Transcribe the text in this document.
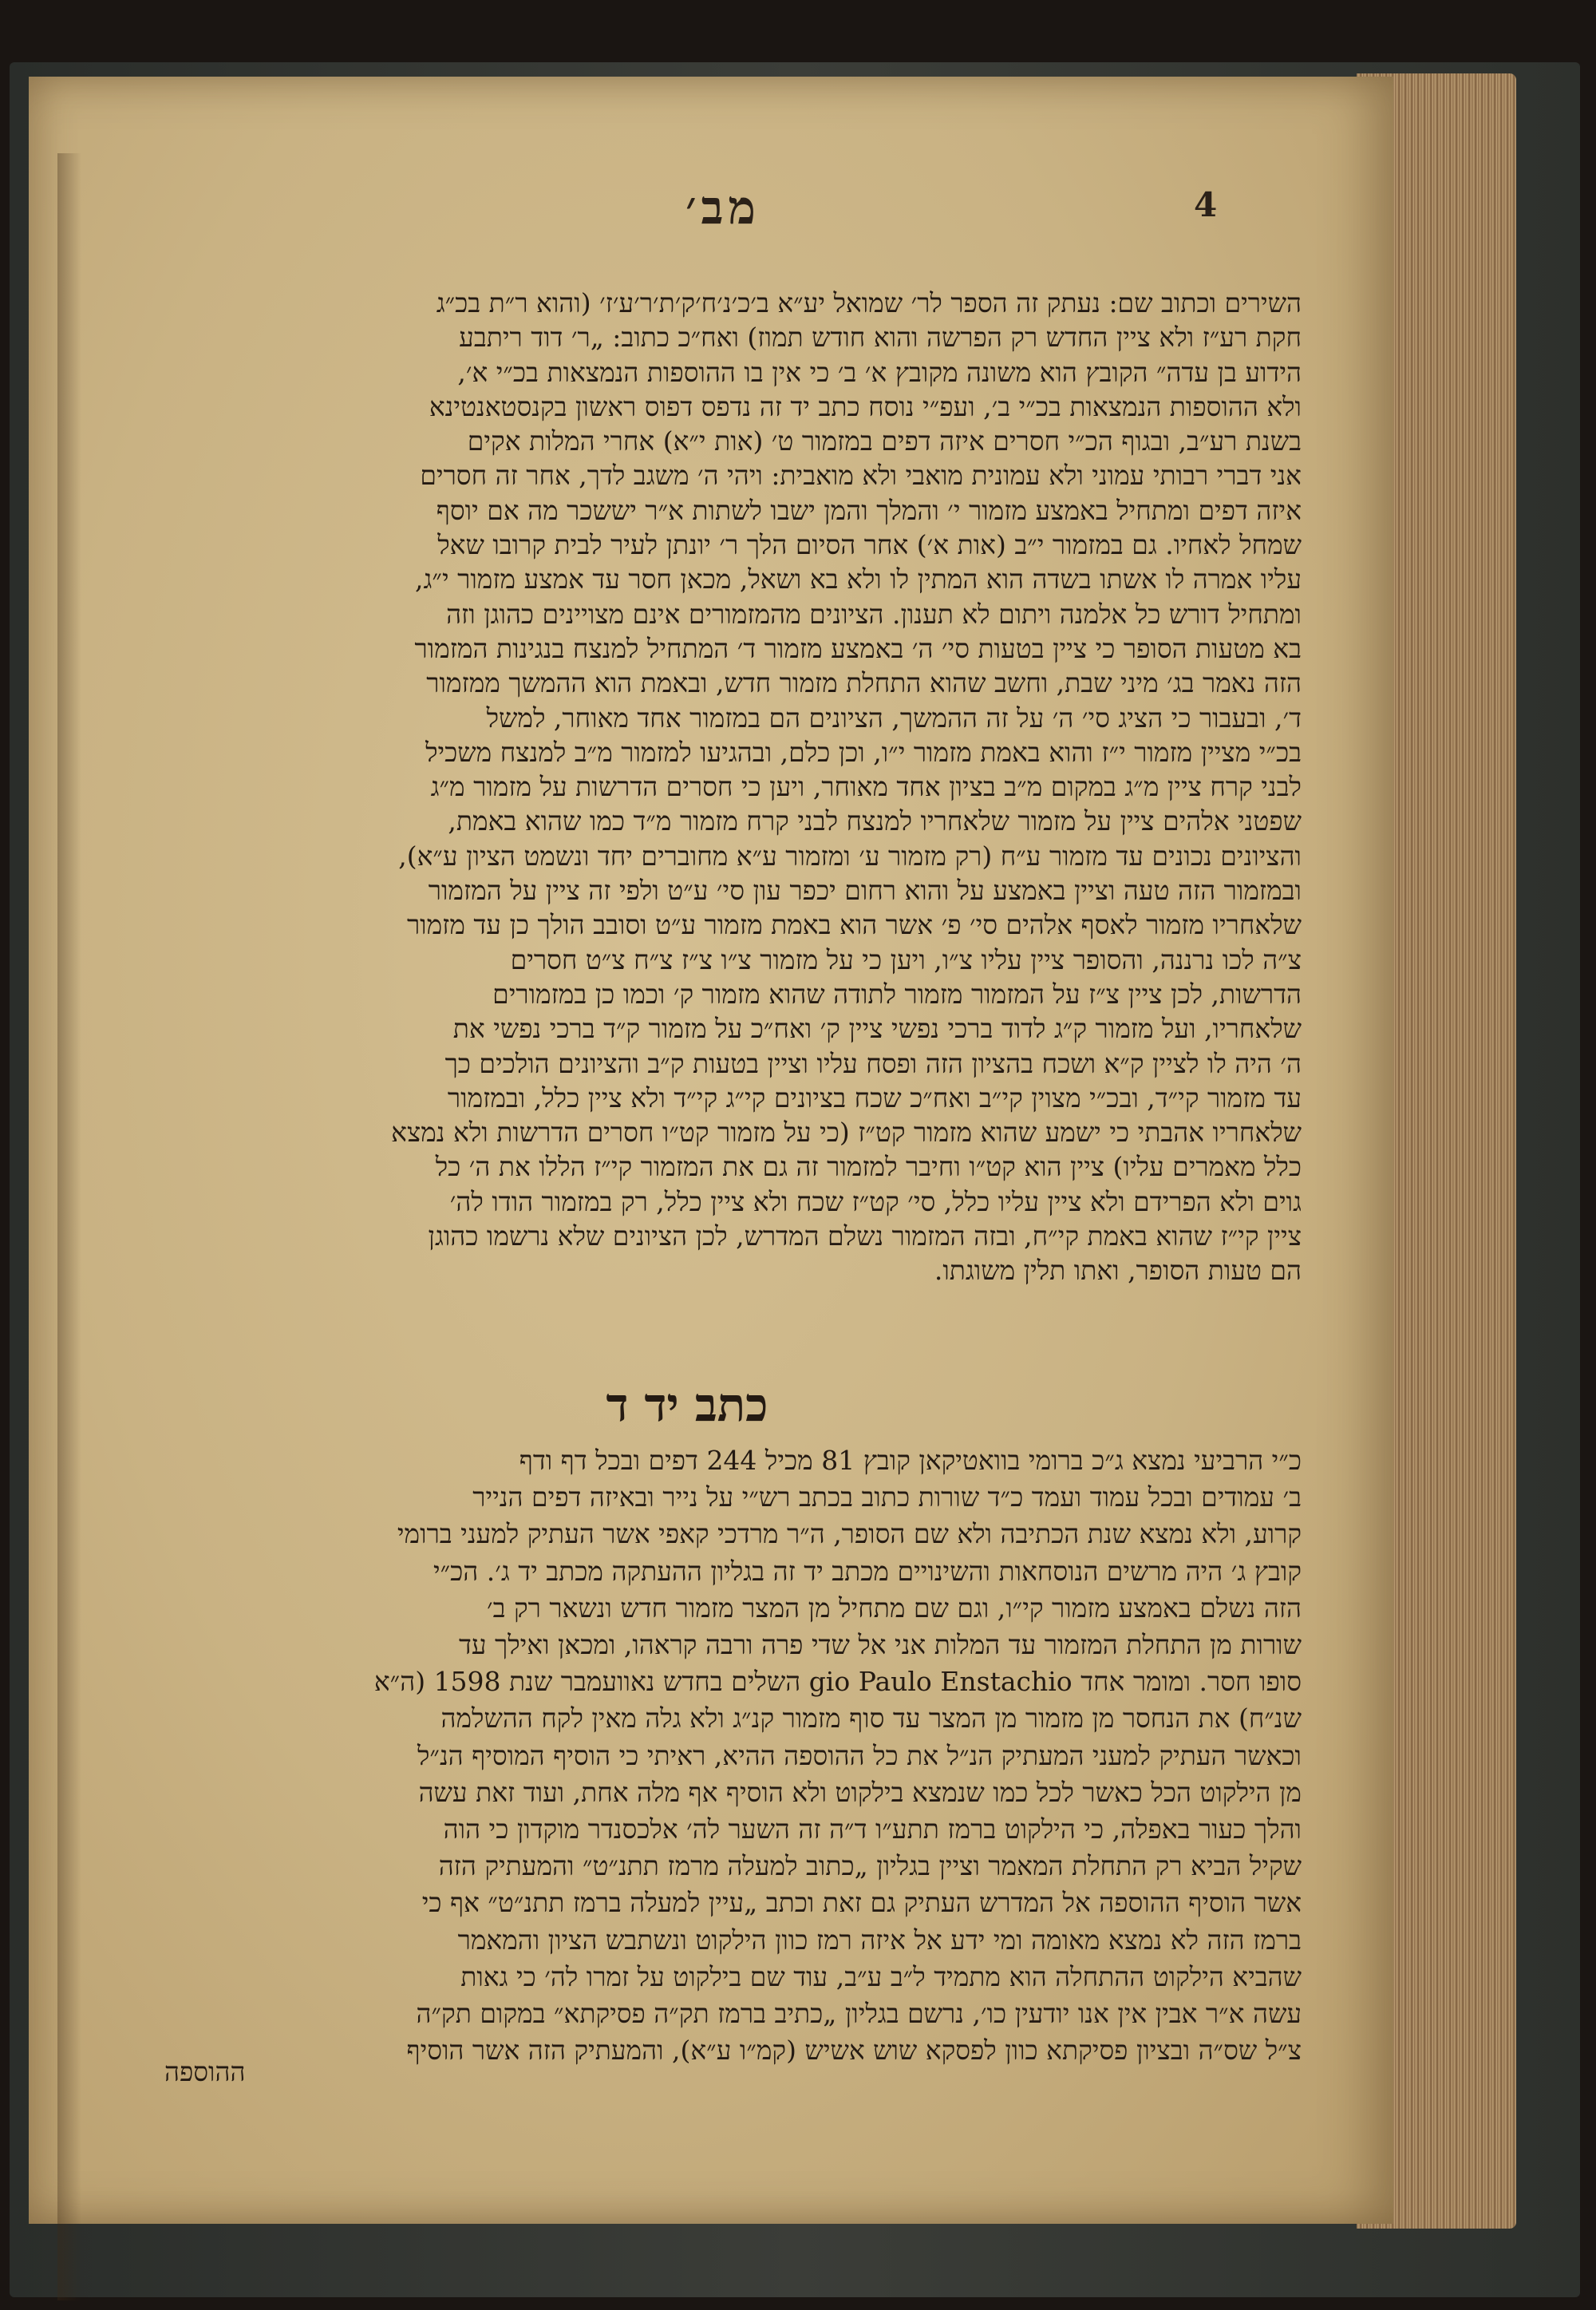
מב׳	4
השירים וכתוב שם: נעתק זה הספר לר׳ שמואל יע״א ב׳כ׳נ׳ח׳ק׳ת׳ר׳ע׳ז׳ (והוא ר״ת בכ״ג
חקת רע״ז ולא ציין החדש רק הפרשה והוא חודש תמוז) ואח״כ כתוב: „ר׳ דוד ריתבע
הידוע בן עדה״ הקובץ הוא משונה מקובץ א׳ ב׳ כי אין בו ההוספות הנמצאות בכ״י א׳,
ולא ההוספות הנמצאות בכ״י ב׳, ועפ״י נוסח כתב יד זה נדפס דפוס ראשון בקנסטאנטינא
בשנת רע״ב, ובגוף הכ״י חסרים איזה דפים במזמור ט׳ (אות י״א) אחרי המלות אקים
אני דברי רבותי עמוני ולא עמונית מואבי ולא מואבית: ויהי ה׳ משגב לדך, אחר זה חסרים
איזה דפים ומתחיל באמצע מזמור י׳ והמלך והמן ישבו לשתות א״ר יששכר מה אם יוסף
שמחל לאחיו. גם במזמור י״ב (אות א׳) אחר הסיום הלך ר׳ יונתן לעיר לבית קרובו שאל
עליו אמרה לו אשתו בשדה הוא המתין לו ולא בא ושאל, מכאן חסר עד אמצע מזמור י״ג,
ומתחיל דורש כל אלמנה ויתום לא תענון. הציונים מהמזמורים אינם מצויינים כהוגן וזה
בא מטעות הסופר כי ציין בטעות סי׳ ה׳ באמצע מזמור ד׳ המתחיל למנצח בנגינות המזמור
הזה נאמר בג׳ מיני שבת, וחשב שהוא התחלת מזמור חדש, ובאמת הוא ההמשך ממזמור
ד׳, ובעבור כי הציג סי׳ ה׳ על זה ההמשך, הציונים הם במזמור אחד מאוחר, למשל
בכ״י מציין מזמור י״ז והוא באמת מזמור י״ו, וכן כלם, ובהגיעו למזמור מ״ב למנצח משכיל
לבני קרח ציין מ״ג במקום מ״ב בציון אחד מאוחר, ויען כי חסרים הדרשות על מזמור מ״ג
שפטני אלהים ציין על מזמור שלאחריו למנצח לבני קרח מזמור מ״ד כמו שהוא באמת,
והציונים נכונים עד מזמור ע״ח (רק מזמור ע׳ ומזמור ע״א מחוברים יחד ונשמט הציון ע״א),
ובמזמור הזה טעה וציין באמצע על והוא רחום יכפר עון סי׳ ע״ט ולפי זה ציין על המזמור
שלאחריו מזמור לאסף אלהים סי׳ פ׳ אשר הוא באמת מזמור ע״ט וסובב הולך כן עד מזמור
צ״ה לכו נרננה, והסופר ציין עליו צ״ו, ויען כי על מזמור צ״ו צ״ז צ״ח צ״ט חסרים
הדרשות, לכן ציין צ״ז על המזמור מזמור לתודה שהוא מזמור ק׳ וכמו כן במזמורים
שלאחריו, ועל מזמור ק״ג לדוד ברכי נפשי ציין ק׳ ואח״כ על מזמור ק״ד ברכי נפשי את
ה׳ היה לו לציין ק״א ושכח בהציון הזה ופסח עליו וציין בטעות ק״ב והציונים הולכים כך
עד מזמור קי״ד, ובכ״י מצוין קי״ב ואח״כ שכח בציונים קי״ג קי״ד ולא ציין כלל, ובמזמור
שלאחריו אהבתי כי ישמע שהוא מזמור קט״ז (כי על מזמור קט״ו חסרים הדרשות ולא נמצא
כלל מאמרים עליו) ציין הוא קט״ו וחיבר למזמור זה גם את המזמור קי״ז הללו את ה׳ כל
גוים ולא הפרידם ולא ציין עליו כלל, סי׳ קט״ז שכח ולא ציין כלל, רק במזמור הודו לה׳
ציין קי״ז שהוא באמת קי״ח, ובזה המזמור נשלם המדרש, לכן הציונים שלא נרשמו כהוגן
הם טעות הסופר, ואתו תלין משוגתו.
כתב יד ד
כ״י הרביעי נמצא ג״כ ברומי בוואטיקאן קובץ 81 מכיל 244 דפים ובכל דף ודף
ב׳ עמודים ובכל עמוד ועמד כ״ד שורות כתוב בכתב רש״י על נייר ובאיזה דפים הנייר
קרוע, ולא נמצא שנת הכתיבה ולא שם הסופר, ה״ר מרדכי קאפי אשר העתיק למעני ברומי
קובץ ג׳ היה מרשים הנוסחאות והשינויים מכתב יד זה בגליון ההעתקה מכתב יד ג׳. הכ״י
הזה נשלם באמצע מזמור קי״ו, וגם שם מתחיל מן המצר מזמור חדש ונשאר רק ב׳
שורות מן התחלת המזמור עד המלות אני אל שדי פרה ורבה קראהו, ומכאן ואילך עד
סופו חסר. ומומר אחד gio Paulo Enstachio השלים בחדש נאוועמבר שנת 1598 (ה״א
שנ״ח) את הנחסר מן מזמור מן המצר עד סוף מזמור קנ״ג ולא גלה מאין לקח ההשלמה
וכאשר העתיק למעני המעתיק הנ״ל את כל ההוספה ההיא, ראיתי כי הוסיף המוסיף הנ״ל
מן הילקוט הכל כאשר לכל כמו שנמצא בילקוט ולא הוסיף אף מלה אחת, ועוד זאת עשה
והלך כעור באפלה, כי הילקוט ברמז תתע״ו ד״ה זה השער לה׳ אלכסנדר מוקדון כי הוה
שקיל הביא רק התחלת המאמר וציין בגליון „כתוב למעלה מרמז תתנ״ט״ והמעתיק הזה
אשר הוסיף ההוספה אל המדרש העתיק גם זאת וכתב „עיין למעלה ברמז תתנ״ט״ אף כי
ברמז הזה לא נמצא מאומה ומי ידע אל איזה רמז כוון הילקוט ונשתבש הציון והמאמר
שהביא הילקוט ההתחלה הוא מתמיד ל״ב ע״ב, עוד שם בילקוט על זמרו לה׳ כי גאות
עשה א״ר אבין אין אנו יודעין כו׳, נרשם בגליון „כתיב ברמז תק״ה פסיקתא״ במקום תק״ה
צ״ל שס״ה ובציון פסיקתא כוון לפסקא שוש אשיש (קמ״ו ע״א), והמעתיק הזה אשר הוסיף
ההוספה
